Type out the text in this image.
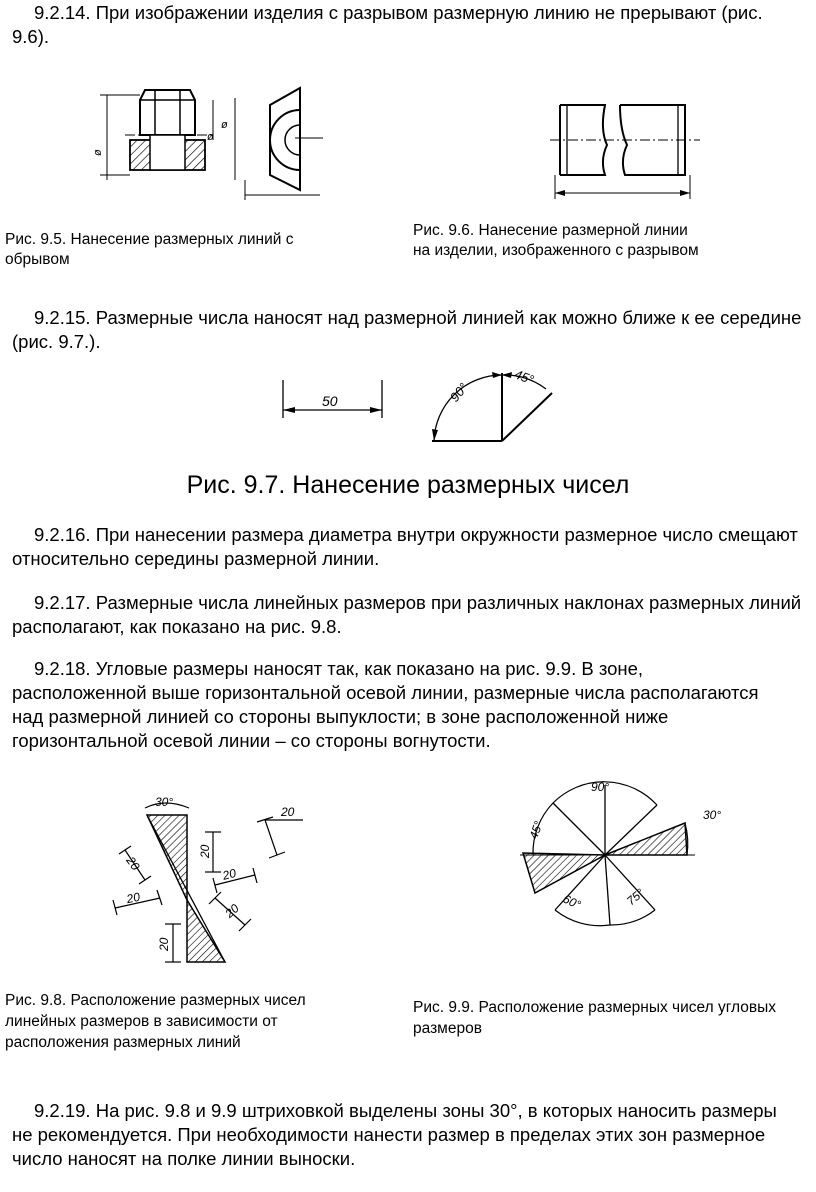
9.2.14. При изображении изделия с разрывом размерную линию не прерывают (рис. 9.6).

ø
ø
ø

Рис. 9.5. Нанесение размерных линий с обрывом

Рис. 9.6. Нанесение размерной линии на изделии, изображенного с разрывом

9.2.15. Размерные числа наносят над размерной линией как можно ближе к ее середине (рис. 9.7.).

50	90°
45°

Рис. 9.7. Нанесение размерных чисел

9.2.16. При нанесении размера диаметра внутри окружности размерное число смещают относительно середины размерной линии.

9.2.17. Размерные числа линейных размеров при различных наклонах размерных линий располагают, как показано на рис. 9.8.

9.2.18. Угловые размеры наносят так, как показано на рис. 9.9. В зоне, расположенной выше горизонтальной осевой линии, размерные числа располагаются над размерной линией со стороны выпуклости; в зоне расположенной ниже горизонтальной осевой линии – со стороны вогнутости.

30°
20
20
20
20
20
20
20
90°
45°
30°
60°	75°

Рис. 9.8. Расположение размерных чисел линейных размеров в зависимости от расположения размерных линий

Рис. 9.9. Расположение размерных чисел угловых размеров

9.2.19. На рис. 9.8 и 9.9 штриховкой выделены зоны 30°, в которых наносить размеры не рекомендуется. При необходимости нанести размер в пределах этих зон размерное число наносят на полке линии выноски.
